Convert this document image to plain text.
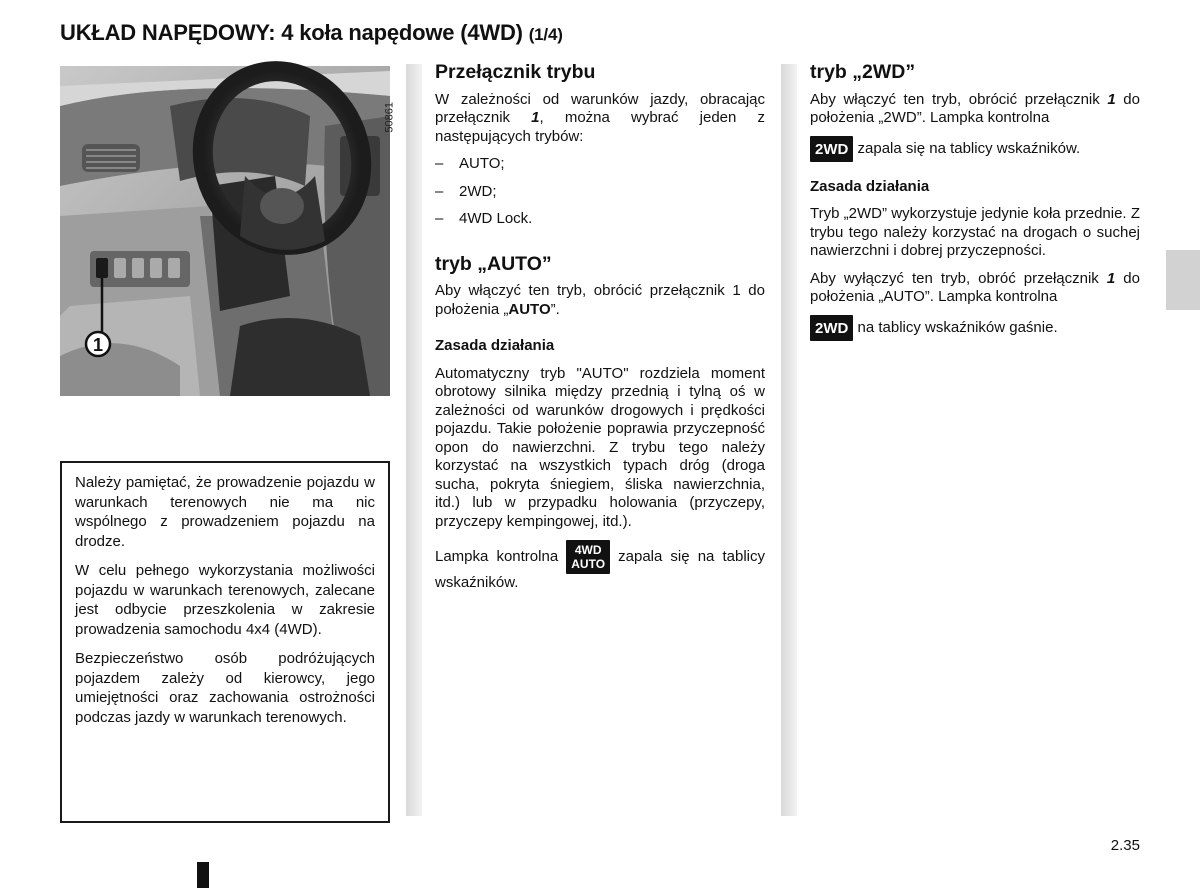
UKŁAD NAPĘDOWY: 4 koła napędowe (4WD) (1/4)
1
50861

Należy pamiętać, że prowadzenie pojazdu w warunkach terenowych nie ma nic wspólnego z prowadzeniem pojazdu na drodze.

W celu pełnego wykorzystania możliwości pojazdu w warunkach terenowych, zalecane jest odbycie przeszkolenia w zakresie prowadzenia samochodu 4x4 (4WD).

Bezpieczeństwo osób podróżujących pojazdem zależy od kierowcy, jego umiejętności oraz zachowania ostrożności podczas jazdy w warunkach terenowych.

Przełącznik trybu

W zależności od warunków jazdy, obracając przełącznik 1, można wybrać jeden z następujących trybów:

– AUTO;
– 2WD;
– 4WD Lock.
tryb „AUTO”

Aby włączyć ten tryb, obrócić przełącznik 1 do położenia „AUTO”.

Zasada działania

Automatyczny tryb "AUTO" rozdziela moment obrotowy silnika między przednią i tylną oś w zależności od warunków drogowych i prędkości pojazdu. Takie położenie poprawia przyczepność opon do nawierzchni. Z trybu tego należy korzystać na wszystkich typach dróg (droga sucha, pokryta śniegiem, śliska nawierzchnia, itd.) lub w przypadku holowania (przyczepy, przyczepy kempingowej, itd.).

Lampka kontrolna 4WD
AUTO zapala się na tablicy wskaźników.

tryb „2WD”

Aby włączyć ten tryb, obrócić przełącznik 1 do położenia „2WD”. Lampka kontrolna

2WD zapala się na tablicy wskaźników.

Zasada działania

Tryb „2WD” wykorzystuje jedynie koła przednie. Z trybu tego należy korzystać na drogach o suchej nawierzchni i dobrej przyczepności.

Aby wyłączyć ten tryb, obróć przełącznik 1 do położenia „AUTO”. Lampka kontrolna

2WD na tablicy wskaźników gaśnie.

2.35
